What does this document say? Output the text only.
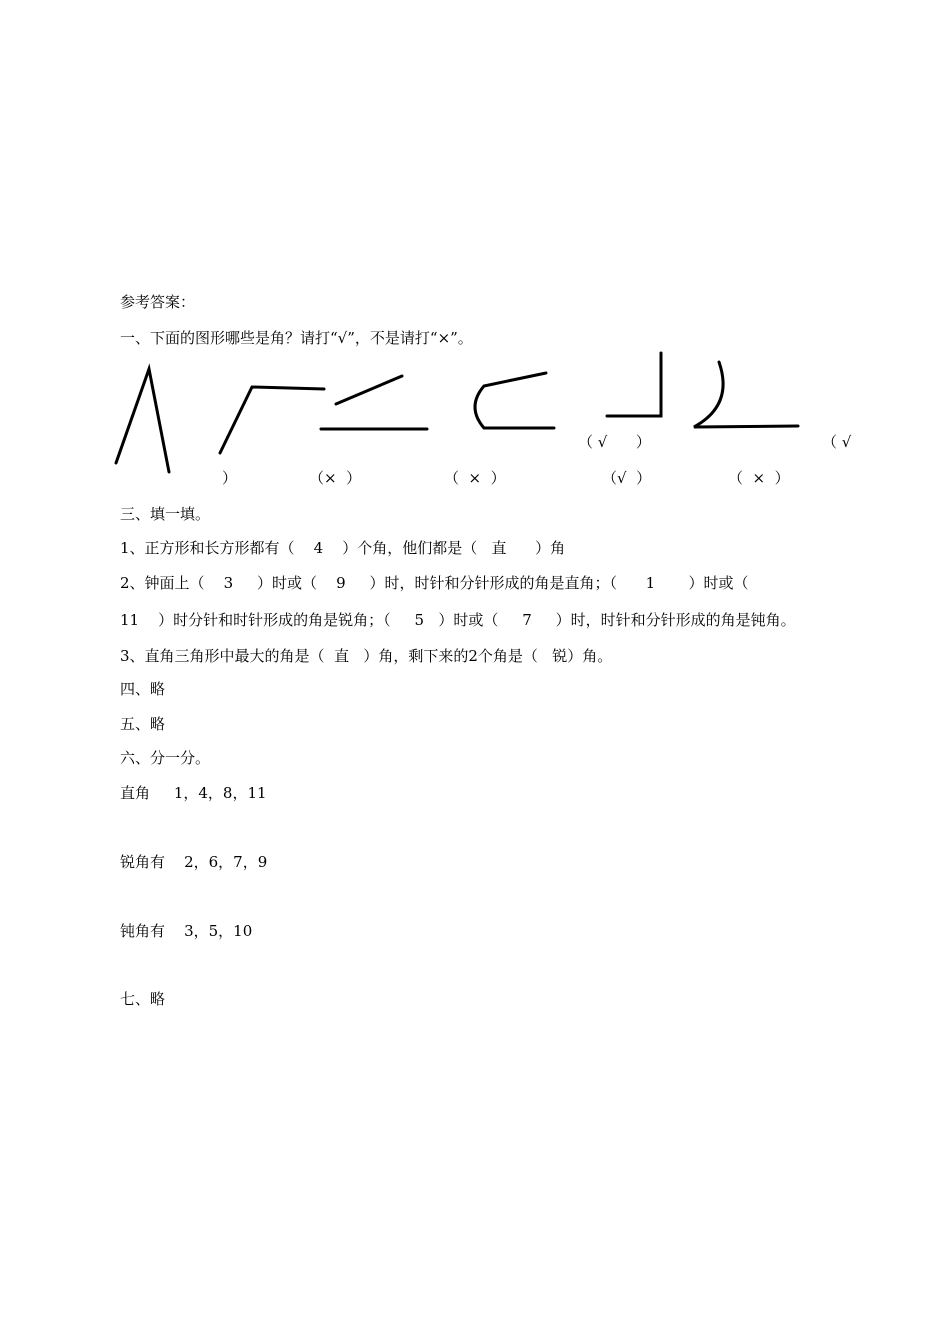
参考答案：
一、下面的图形哪些是角？请打“√”，不是请打“×”。
（ √
）	（×  ）	（  ×  ）
（ √      ）
（√  ）	（  ×  ）
三、填一填。
1、正方形和长方形都有（    4    ）个角，他们都是（   直      ）角
2、钟面上（    3     ）时或（    9     ）时，时针和分针形成的角是直角；（      1       ）时或（
11    ）时分针和时针形成的角是锐角；（     5   ）时或（     7     ）时，时针和分针形成的角是钝角。
3、直角三角形中最大的角是（  直   ）角，剩下来的2个角是（   锐）角。
四、略
五、略
六、分一分。
直角     1，4，8，11
锐角有    2，6，7，9
钝角有    3，5，10
七、略
